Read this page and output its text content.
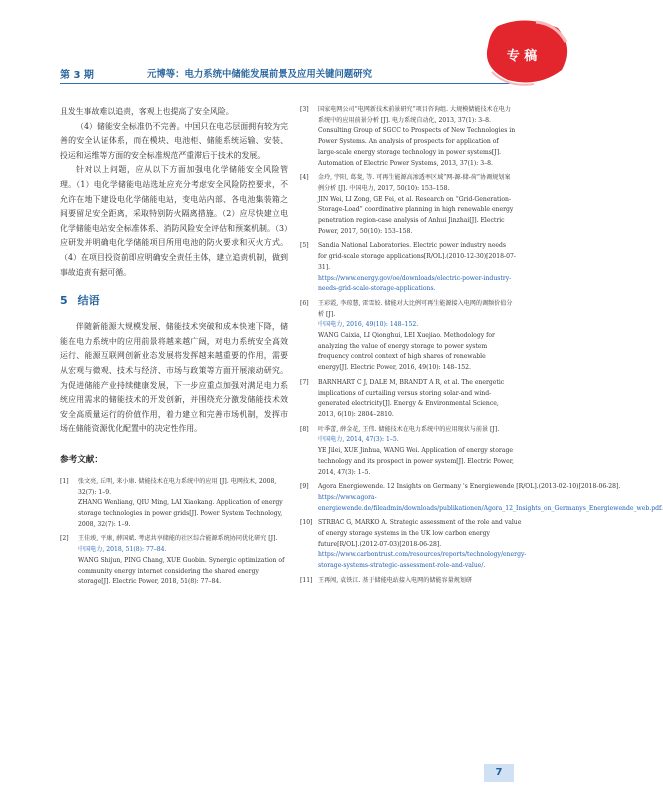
第 3 期	元博等：电力系统中储能发展前景及应用关键问题研究
专 稿

且发生事故难以追责，客观上也提高了安全风险。

（4）储能安全标准仍不完善。中国只在电芯层面拥有较为完善的安全认证体系，而在模块、电池柜、储能系统运输、安装、投运和运维等方面的安全标准规范严重滞后于技术的发展。

针对以上问题，应从以下方面加强电化学储能安全风险管理。（1）电化学储能电站选址应充分考虑安全风险防控要求，不允许在地下建设电化学储能电站，变电站内部、各电池集装箱之间要留足安全距离，采取特别防火隔离措施。（2）应尽快建立电化学储能电站安全标准体系、消防风险安全评估和预案机制。（3）应研发并明确电化学储能项目所用电池的防火要求和灭火方式。（4）在项目投资前即应明确安全责任主体，建立追责机制，做到事故追责有据可循。

5 结语

伴随新能源大规模发展、储能技术突破和成本快速下降，储能在电力系统中的应用前景将越来越广阔，对电力系统安全高效运行、能源互联网创新业态发展将发挥越来越重要的作用，需要从宏观与微观、技术与经济、市场与政策等方面开展滚动研究。为促进储能产业持续健康发展，下一步应重点加强对满足电力系统应用需求的储能技术的开发创新，并围绕充分激发储能技术效安全高质量运行的价值作用，着力建立和完善市场机制，发挥市场在储能资源优化配置中的决定性作用。

参考文献：
[1]	张文亮, 丘明, 来小康. 储能技术在电力系统中的应用 [J]. 电网技术, 2008, 32(7): 1–9.
ZHANG Wenliang, QIU Ming, LAI Xiaokang. Application of energy storage technologies in power grids[J]. Power System Technology, 2008, 32(7): 1–9.
[2]	王佳竣, 平康, 薛国斌. 考虑共享储能的社区综合能源系统协同优化研究 [J].
中国电力, 2018, 51(8): 77–84.
WANG Shijun, PING Chang, XUE Guobin. Synergic optimization of community energy internet considering the shared energy storage[J]. Electric Power, 2018, 51(8): 77–84.
[3]	国家电网公司“电网新技术前景研究”项目咨询组. 大规模储能技术在电力系统中的应用前景分析 [J]. 电力系统自动化, 2013, 37(1): 3–8.
Consulting Group of SGCC to Prospects of New Technologies in Power Systems. An analysis of prospects for application of large-scale energy storage technology in power systems[J]. Automation of Electric Power Systems, 2013, 37(1): 3–8.
[4]	金玲, 宇阳, 葛斐, 等. 可再生能源高渗透率区域“网-源-储-荷”协调规划案例分析 [J]. 中国电力, 2017, 50(10): 153–158.
JIN Wei, LI Zong, GE Fei, et al. Research on “Grid-Generation-Storage-Load” coordinative planning in high renewable energy penetration region-case analysis of Anhui Jinzhai[J]. Electric Power, 2017, 50(10): 153–158.
[5]	Sandia National Laboratories. Electric power industry needs for grid-scale storage applications[R/OL].(2010-12-30)[2018-07-31].
https://www.energy.gov/oe/downloads/electric-power-industry-needs-grid-scale-storage-applications.
[6]	王彩霞, 李琼慧, 雷雪姣. 储能对大比例可再生能源接入电网的调频价值分析 [J].
中国电力, 2016, 49(10): 148–152.
WANG Caixia, LI Qionghui, LEI Xuejiao. Methodology for analyzing the value of energy storage to power system frequency control context of high shares of renewable energy[J]. Electric Power, 2016, 49(10): 148–152.
[7]	BARNHART C J, DALE M, BRANDT A R, et al. The energetic implications of curtailing versus storing solar-and wind-generated electricity[J]. Energy & Environmental Science, 2013, 6(10): 2804–2810.
[8]	叶季蕾, 薛金花, 王伟. 储能技术在电力系统中的应用现状与前景 [J].
中国电力, 2014, 47(3): 1–5.
YE Jilei, XUE Jinhua, WANG Wei. Application of energy storage technology and its prospect in power system[J]. Electric Power, 2014, 47(3): 1–5.
[9]	Agora Energiewende. 12 Insights on Germany 's Energiewende [R/OL].(2013-02-10)[2018-06-28].
https://www.agora-energiewende.de/fileadmin/downloads/publikationen/Agora_12_Insights_on_Germanys_Energiewende_web.pdf.
[10] STRBAC G, MARKO A. Strategic assessment of the role and value of energy storage systems in the UK low carbon energy future[R/OL].(2012-07-03)[2018-06-28].
https://www.carbontrust.com/resources/reports/technology/energy-storage-systems-strategic-assessment-role-and-value/.
[11] 王再闯, 袁铁江. 基于储能电站接入电网的储能容量规划研
7
